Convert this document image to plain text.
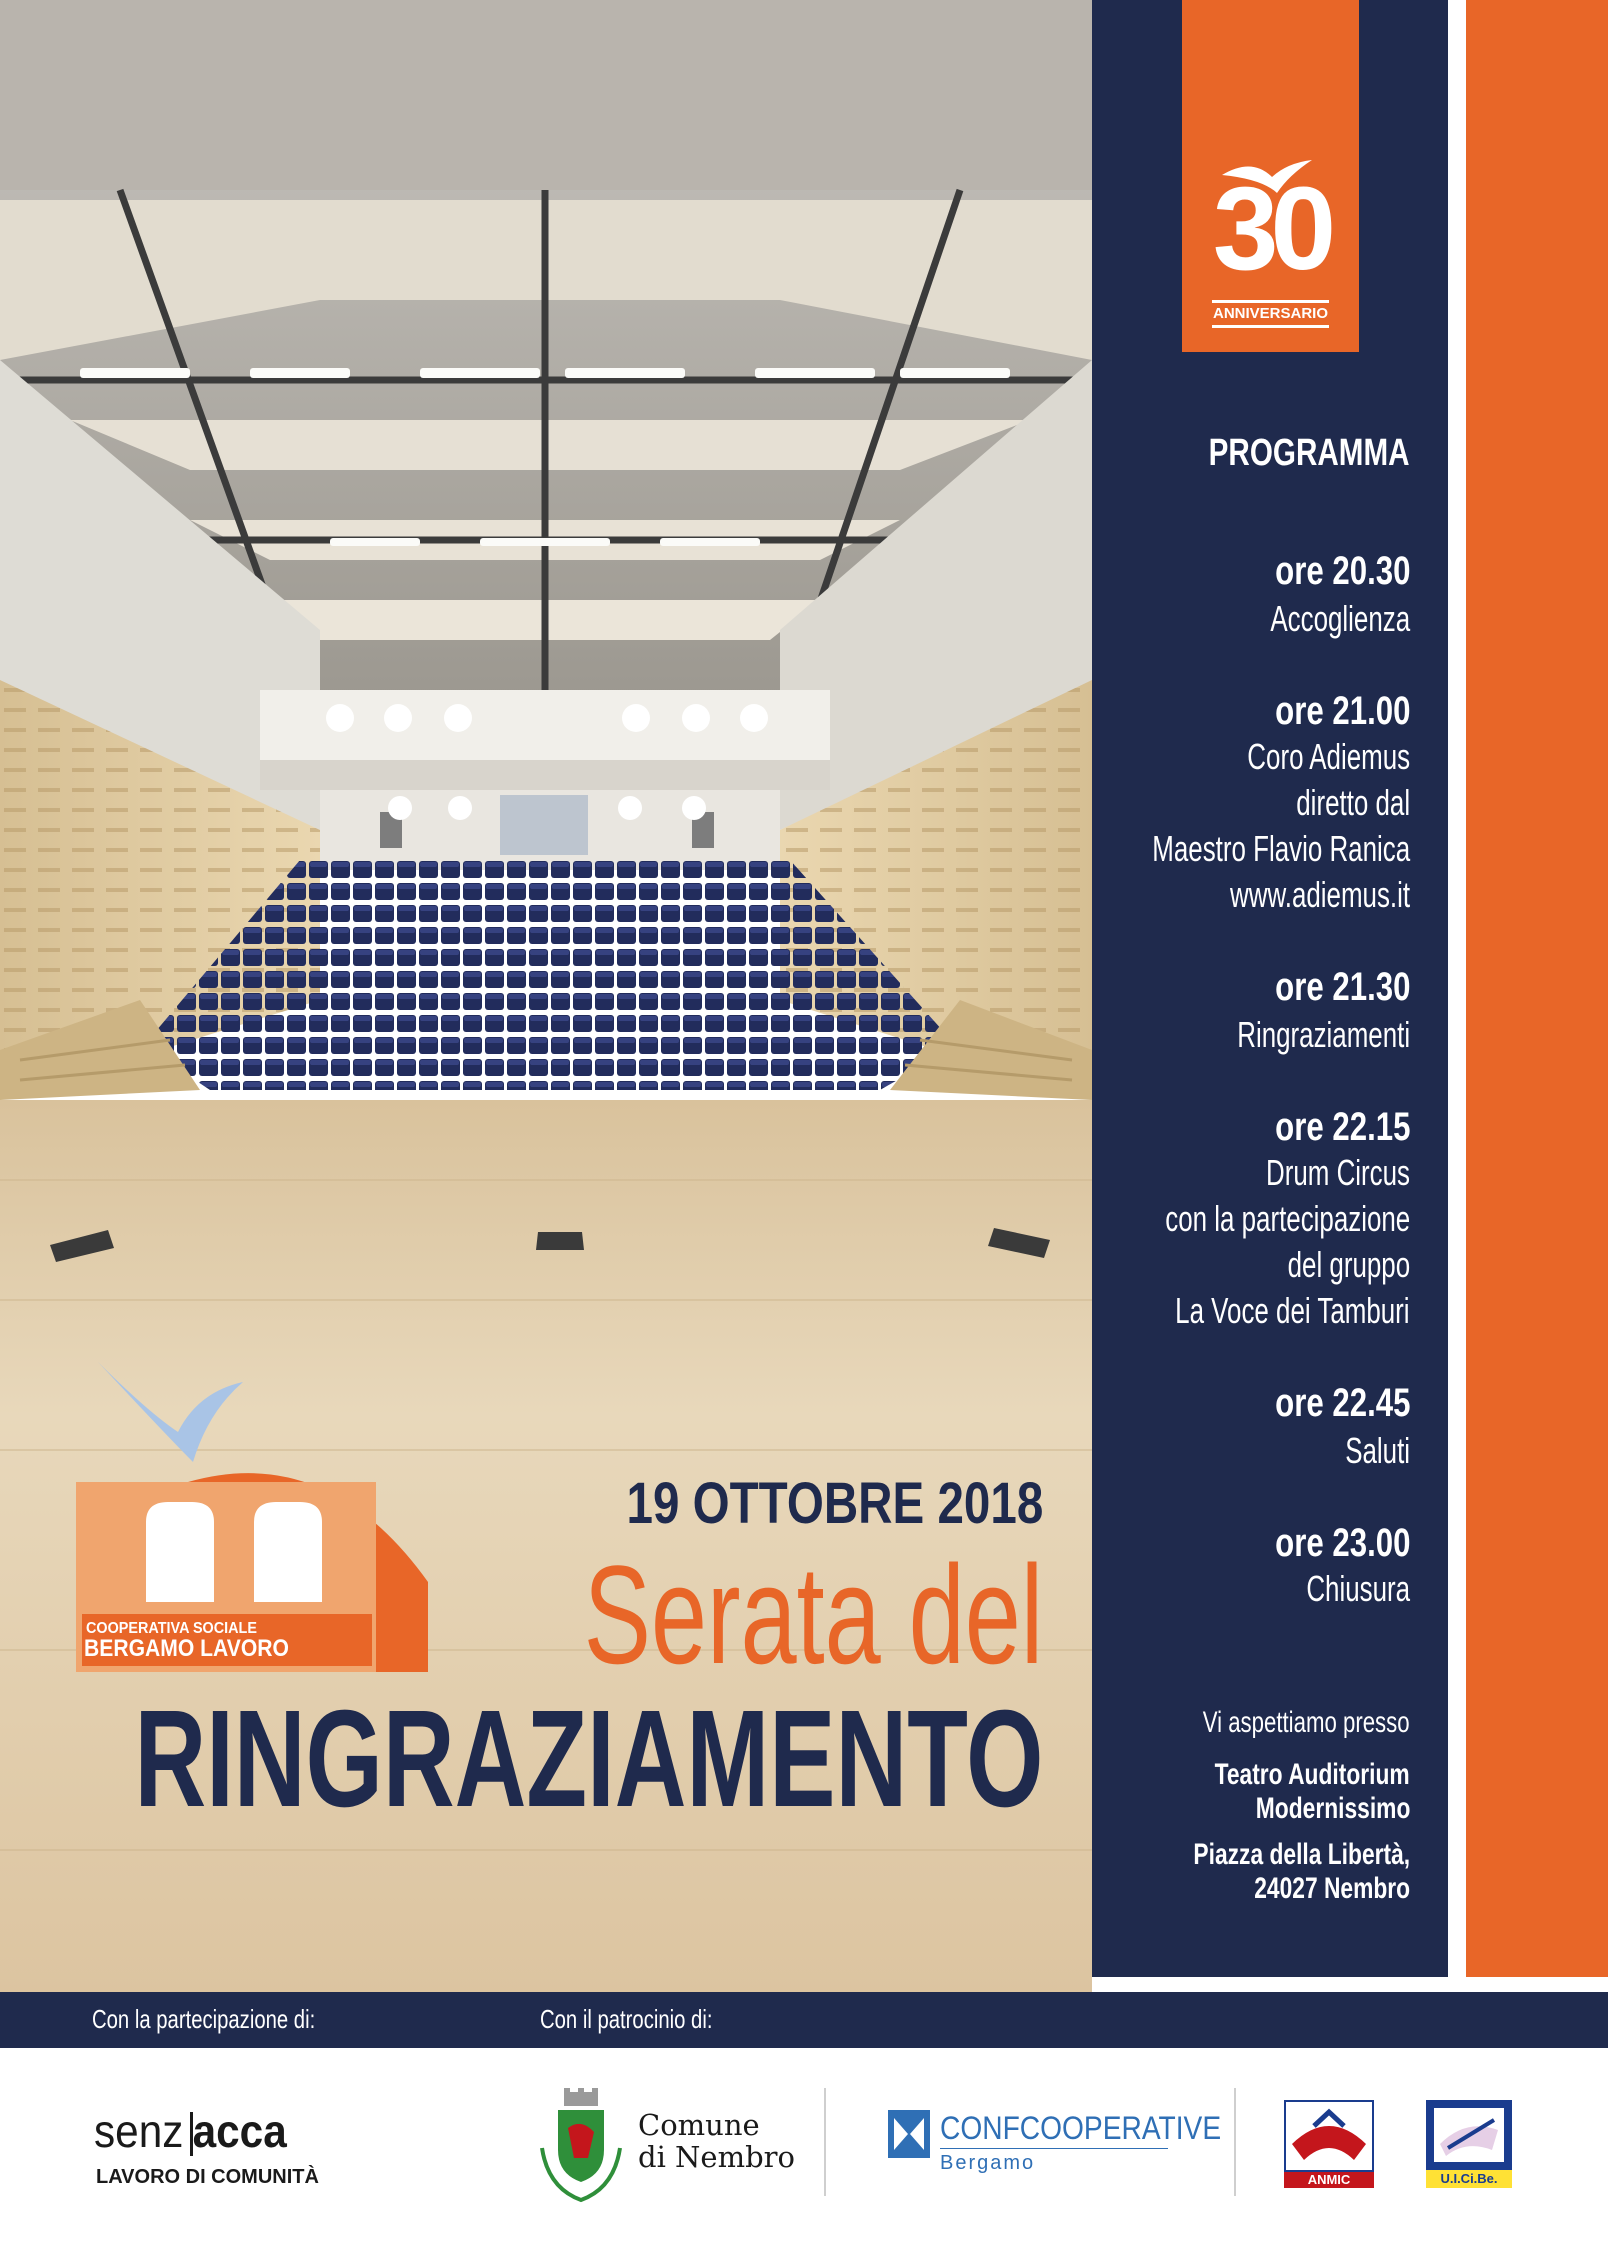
30
ANNIVERSARIO
PROGRAMMA
ore 20.30
Accoglienza
ore 21.00
Coro Adiemus
diretto dal
Maestro Flavio Ranica
www.adiemus.it
ore 21.30
Ringraziamenti
ore 22.15
Drum Circus
con la partecipazione
del gruppo
La Voce dei Tamburi
ore 22.45
Saluti
ore 23.00
Chiusura
Vi aspettiamo presso
Teatro Auditorium
Modernissimo
Piazza della Libertà,
24027 Nembro
COOPERATIVA SOCIALE
BERGAMO LAVORO
19 OTTOBRE 2018
Serata del
RINGRAZIAMENTO
Con la partecipazione di:	Con il patrocinio di:
senz acca
LAVORO DI COMUNITÀ
Comune
di Nembro
CONFCOOPERATIVE
Bergamo
ANMIC	U.I.Ci.Be.
